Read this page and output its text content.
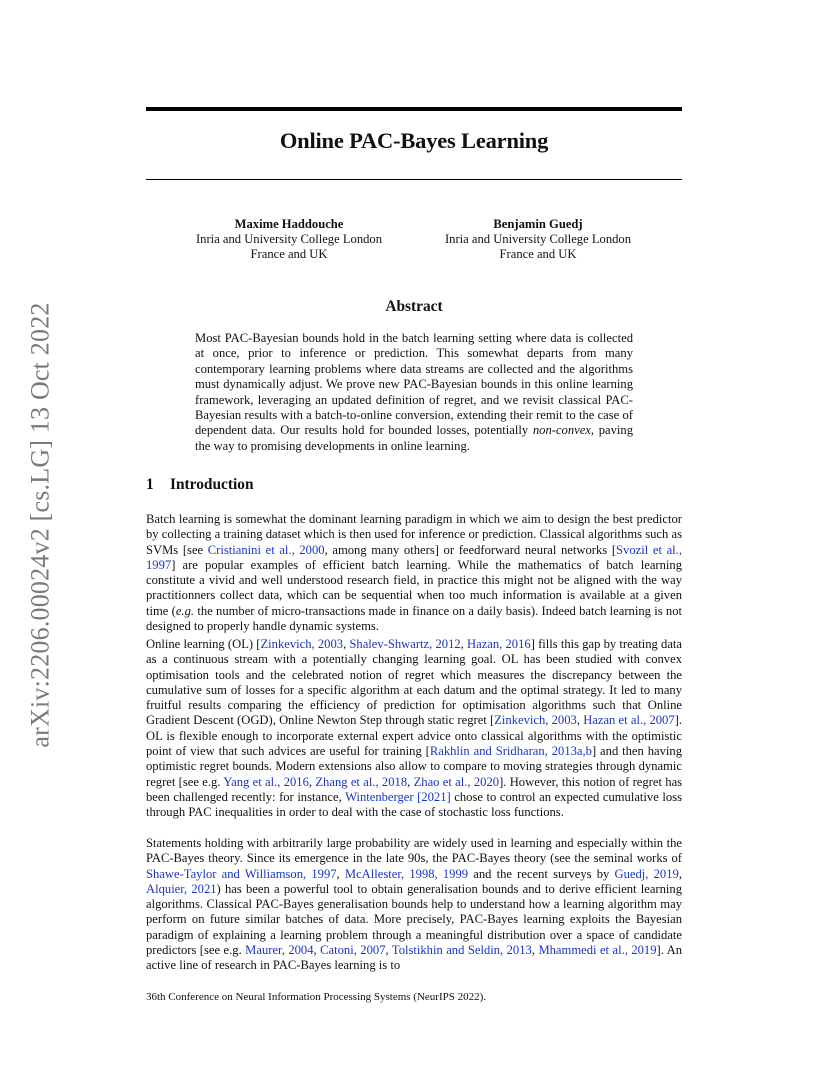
arXiv:2206.00024v2 [cs.LG] 13 Oct 2022
Online PAC-Bayes Learning
Maxime Haddouche
Inria and University College London
France and UK
Benjamin Guedj
Inria and University College London
France and UK
Abstract
Most PAC-Bayesian bounds hold in the batch learning setting where data is collected at once, prior to inference or prediction. This somewhat departs from many contemporary learning problems where data streams are collected and the algorithms must dynamically adjust. We prove new PAC-Bayesian bounds in this online learning framework, leveraging an updated definition of regret, and we revisit classical PAC-Bayesian results with a batch-to-online conversion, extending their remit to the case of dependent data. Our results hold for bounded losses, potentially non-convex, paving the way to promising developments in online learning.
1 Introduction

Batch learning is somewhat the dominant learning paradigm in which we aim to design the best predictor by collecting a training dataset which is then used for inference or prediction. Classical algorithms such as SVMs [see Cristianini et al., 2000, among many others] or feedforward neural networks [Svozil et al., 1997] are popular examples of efficient batch learning. While the mathematics of batch learning constitute a vivid and well understood research field, in practice this might not be aligned with the way practitionners collect data, which can be sequential when too much information is available at a given time (e.g. the number of micro-transactions made in finance on a daily basis). Indeed batch learning is not designed to properly handle dynamic systems.

Online learning (OL) [Zinkevich, 2003, Shalev-Shwartz, 2012, Hazan, 2016] fills this gap by treating data as a continuous stream with a potentially changing learning goal. OL has been studied with convex optimisation tools and the celebrated notion of regret which measures the discrepancy between the cumulative sum of losses for a specific algorithm at each datum and the optimal strategy. It led to many fruitful results comparing the efficiency of prediction for optimisation algorithms such that Online Gradient Descent (OGD), Online Newton Step through static regret [Zinkevich, 2003, Hazan et al., 2007]. OL is flexible enough to incorporate external expert advice onto classical algorithms with the optimistic point of view that such advices are useful for training [Rakhlin and Sridharan, 2013a,b] and then having optimistic regret bounds. Modern extensions also allow to compare to moving strategies through dynamic regret [see e.g. Yang et al., 2016, Zhang et al., 2018, Zhao et al., 2020]. However, this notion of regret has been challenged recently: for instance, Wintenberger [2021] chose to control an expected cumulative loss through PAC inequalities in order to deal with the case of stochastic loss functions.

Statements holding with arbitrarily large probability are widely used in learning and especially within the PAC-Bayes theory. Since its emergence in the late 90s, the PAC-Bayes theory (see the seminal works of Shawe-Taylor and Williamson, 1997, McAllester, 1998, 1999 and the recent surveys by Guedj, 2019, Alquier, 2021) has been a powerful tool to obtain generalisation bounds and to derive efficient learning algorithms. Classical PAC-Bayes generalisation bounds help to understand how a learning algorithm may perform on future similar batches of data. More precisely, PAC-Bayes learning exploits the Bayesian paradigm of explaining a learning problem through a meaningful distribution over a space of candidate predictors [see e.g. Maurer, 2004, Catoni, 2007, Tolstikhin and Seldin, 2013, Mhammedi et al., 2019]. An active line of research in PAC-Bayes learning is to

36th Conference on Neural Information Processing Systems (NeurIPS 2022).
